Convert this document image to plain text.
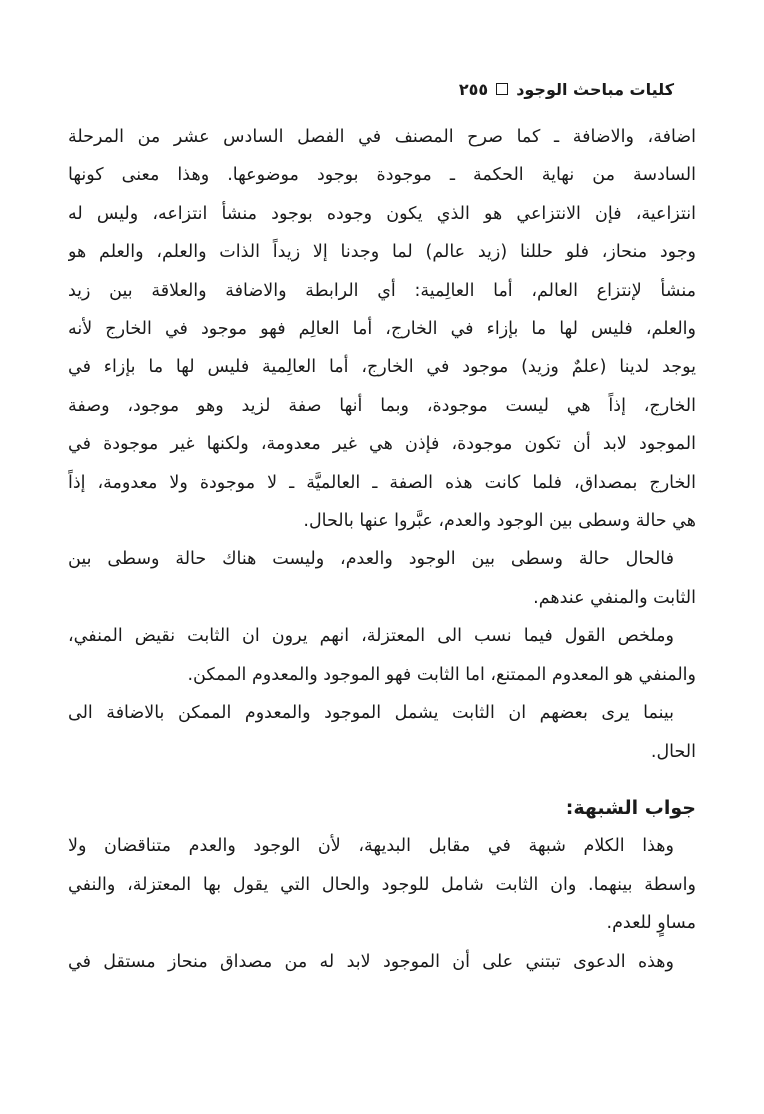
كليات مباحث الوجود
٢٥٥
اضافة، والاضافة ـ كما صرح المصنف في الفصل السادس عشر من المرحلة
السادسة من نهاية الحكمة ـ موجودة بوجود موضوعها. وهذا معنى كونها
انتزاعية، فإن الانتزاعي هو الذي يكون وجوده بوجود منشأ انتزاعه، وليس له
وجود منحاز، فلو حللنا (زيد عالم) لما وجدنا إلا زيداً الذات والعلم، والعلم هو
منشأ لإنتزاع العالم، أما العالِمية: أي الرابطة والاضافة والعلاقة بين زيد
والعلم، فليس لها ما بإزاء في الخارج، أما العالِم فهو موجود في الخارج لأنه
يوجد لدينا (علمٌ وزيد) موجود في الخارج، أما العالِمية فليس لها ما بإزاء في
الخارج، إذاً هي ليست موجودة، وبما أنها صفة لزيد وهو موجود، وصفة
الموجود لابد أن تكون موجودة، فإذن هي غير معدومة، ولكنها غير موجودة في
الخارج بمصداق، فلما كانت هذه الصفة ـ العالميَّة ـ لا موجودة ولا معدومة، إذاً
هي حالة وسطى بين الوجود والعدم، عبَّروا عنها بالحال.
فالحال حالة وسطى بين الوجود والعدم، وليست هناك حالة وسطى بين
الثابت والمنفي عندهم.
وملخص القول فيما نسب الى المعتزلة، انهم يرون ان الثابت نقيض المنفي،
والمنفي هو المعدوم الممتنع، اما الثابت فهو الموجود والمعدوم الممكن.
بينما يرى بعضهم ان الثابت يشمل الموجود والمعدوم الممكن بالاضافة الى
الحال.
جواب الشبهة:
وهذا الكلام شبهة في مقابل البديهة، لأن الوجود والعدم متناقضان ولا
واسطة بينهما. وان الثابت شامل للوجود والحال التي يقول بها المعتزلة، والنفي
مساوٍ للعدم.
وهذه الدعوى تبتني على أن الموجود لابد له من مصداق منحاز مستقل في
